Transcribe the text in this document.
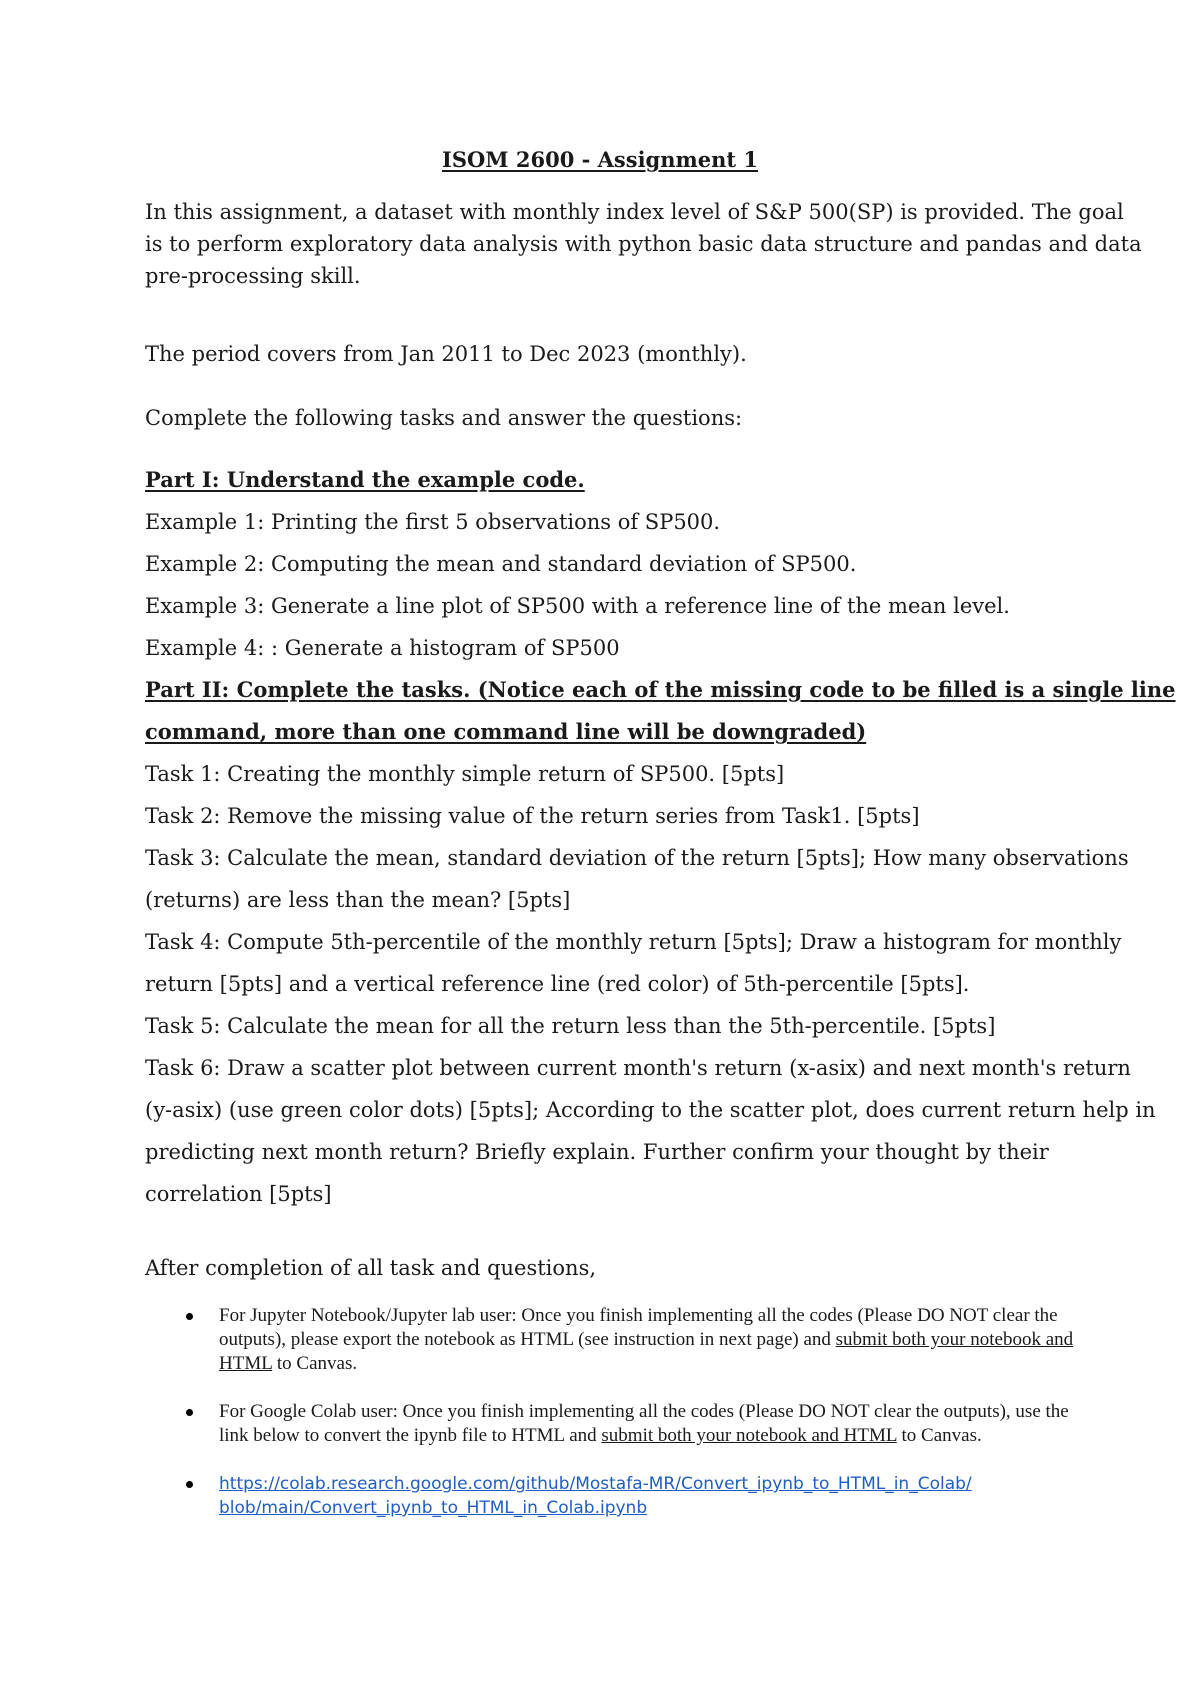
ISOM 2600 - Assignment 1
In this assignment, a dataset with monthly index level of S&P 500(SP) is provided. The goal
is to perform exploratory data analysis with python basic data structure and pandas and data
pre-processing skill.

The period covers from Jan 2011 to Dec 2023 (monthly).

Complete the following tasks and answer the questions:

Part I: Understand the example code.
Example 1: Printing the first 5 observations of SP500.
Example 2: Computing the mean and standard deviation of SP500.
Example 3: Generate a line plot of SP500 with a reference line of the mean level.
Example 4: : Generate a histogram of SP500
Part II: Complete the tasks. (Notice each of the missing code to be filled is a single line
command, more than one command line will be downgraded)
Task 1: Creating the monthly simple return of SP500. [5pts]
Task 2: Remove the missing value of the return series from Task1. [5pts]
Task 3: Calculate the mean, standard deviation of the return [5pts]; How many observations
(returns) are less than the mean? [5pts]
Task 4: Compute 5th-percentile of the monthly return [5pts]; Draw a histogram for monthly
return [5pts] and a vertical reference line (red color) of 5th-percentile [5pts].
Task 5: Calculate the mean for all the return less than the 5th-percentile. [5pts]
Task 6: Draw a scatter plot between current month's return (x-asix) and next month's return
(y-asix) (use green color dots) [5pts]; According to the scatter plot, does current return help in
predicting next month return? Briefly explain. Further confirm your thought by their
correlation [5pts]

After completion of all task and questions,

For Jupyter Notebook/Jupyter lab user: Once you finish implementing all the codes (Please DO NOT clear the outputs), please export the notebook as HTML (see instruction in next page) and submit both your notebook and HTML to Canvas.
For Google Colab user: Once you finish implementing all the codes (Please DO NOT clear the outputs), use the link below to convert the ipynb file to HTML and submit both your notebook and HTML to Canvas.
https://colab.research.google.com/github/Mostafa-MR/Convert_ipynb_to_HTML_in_Colab/
blob/main/Convert_ipynb_to_HTML_in_Colab.ipynb
